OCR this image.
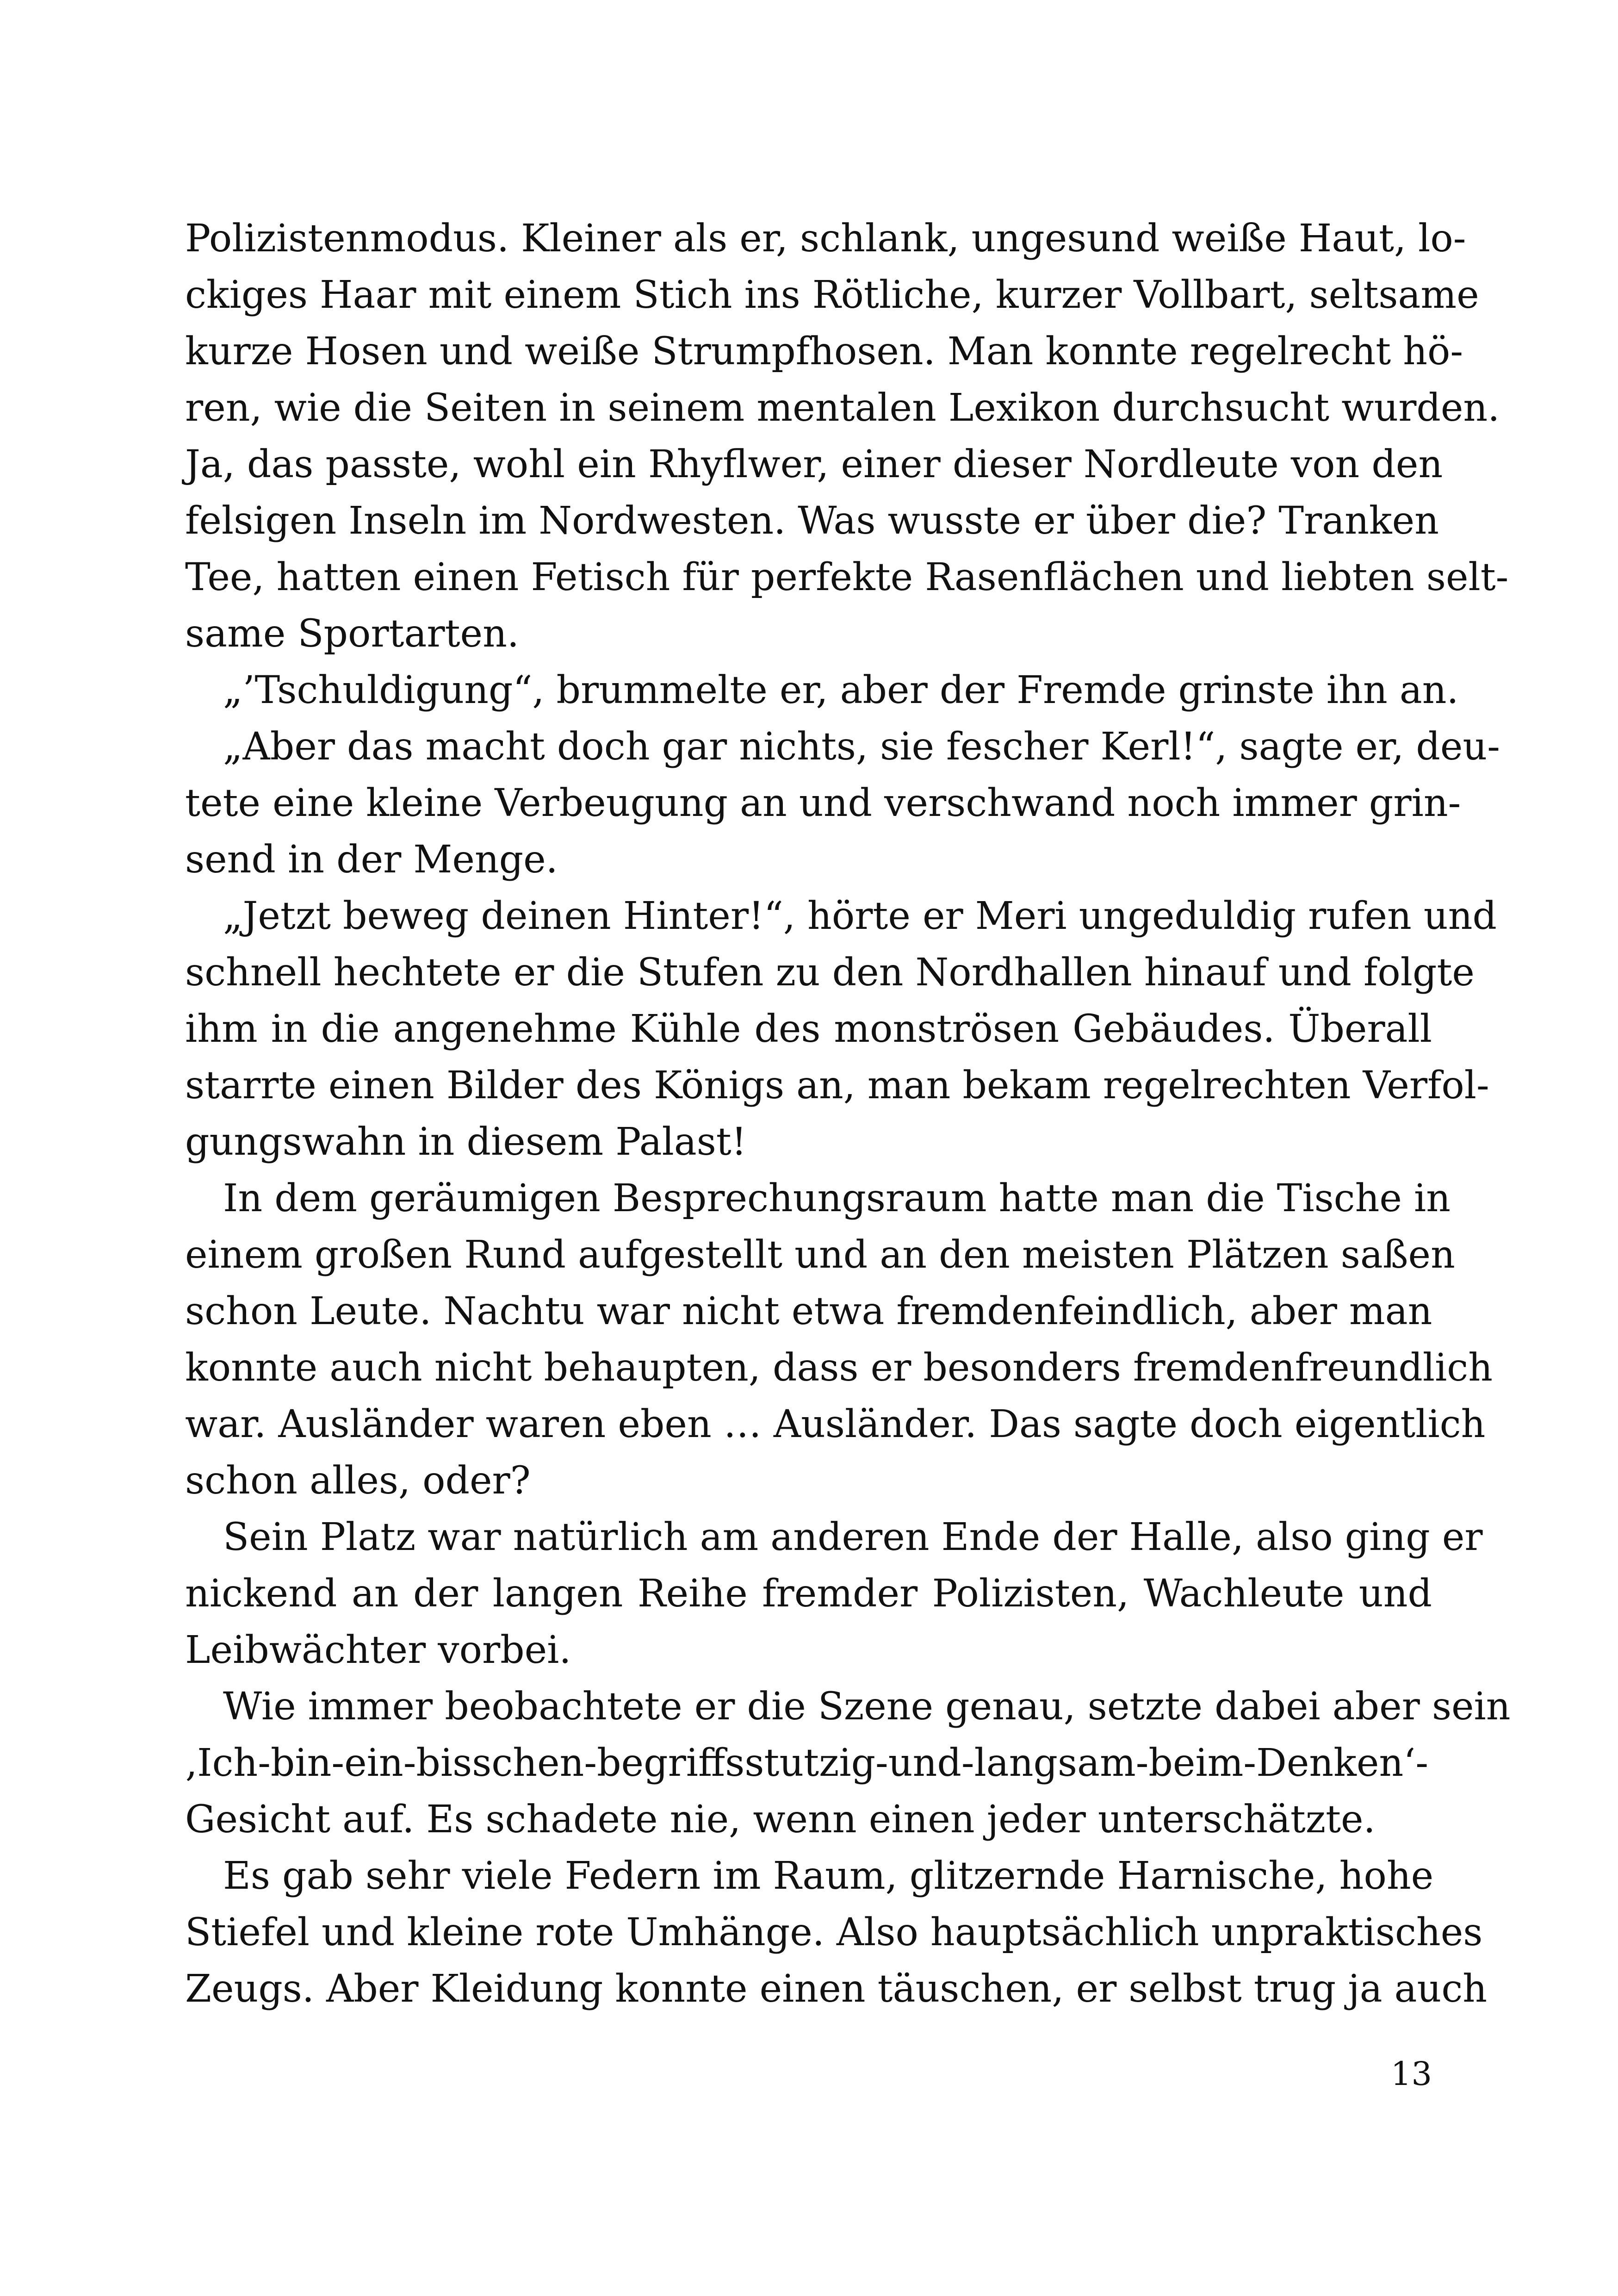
Polizistenmodus. Kleiner als er, schlank, ungesund weiße Haut, lo-
ckiges Haar mit einem Stich ins Rötliche, kurzer Vollbart, seltsame
kurze Hosen und weiße Strumpfhosen. Man konnte regelrecht hö-
ren, wie die Seiten in seinem mentalen Lexikon durchsucht wurden.
Ja, das passte, wohl ein Rhyflwer, einer dieser Nordleute von den
felsigen Inseln im Nordwesten. Was wusste er über die? Tranken
Tee, hatten einen Fetisch für perfekte Rasenflächen und liebten selt-
same Sportarten.
„’Tschuldigung“, brummelte er, aber der Fremde grinste ihn an.
„Aber das macht doch gar nichts, sie fescher Kerl!“, sagte er, deu-
tete eine kleine Verbeugung an und verschwand noch immer grin-
send in der Menge.
„Jetzt beweg deinen Hinter!“, hörte er Meri ungeduldig rufen und
schnell hechtete er die Stufen zu den Nordhallen hinauf und folgte
ihm in die angenehme Kühle des monströsen Gebäudes. Überall
starrte einen Bilder des Königs an, man bekam regelrechten Verfol-
gungswahn in diesem Palast!
In dem geräumigen Besprechungsraum hatte man die Tische in
einem großen Rund aufgestellt und an den meisten Plätzen saßen
schon Leute. Nachtu war nicht etwa fremdenfeindlich, aber man
konnte auch nicht behaupten, dass er besonders fremdenfreundlich
war. Ausländer waren eben … Ausländer. Das sagte doch eigentlich
schon alles, oder?
Sein Platz war natürlich am anderen Ende der Halle, also ging er
nickend an der langen Reihe fremder Polizisten, Wachleute und
Leibwächter vorbei.
Wie immer beobachtete er die Szene genau, setzte dabei aber sein
‚Ich-bin-ein-bisschen-begriffsstutzig-und-langsam-beim-Denken‘-
Gesicht auf. Es schadete nie, wenn einen jeder unterschätzte.
Es gab sehr viele Federn im Raum, glitzernde Harnische, hohe
Stiefel und kleine rote Umhänge. Also hauptsächlich unpraktisches
Zeugs. Aber Kleidung konnte einen täuschen, er selbst trug ja auch
13
